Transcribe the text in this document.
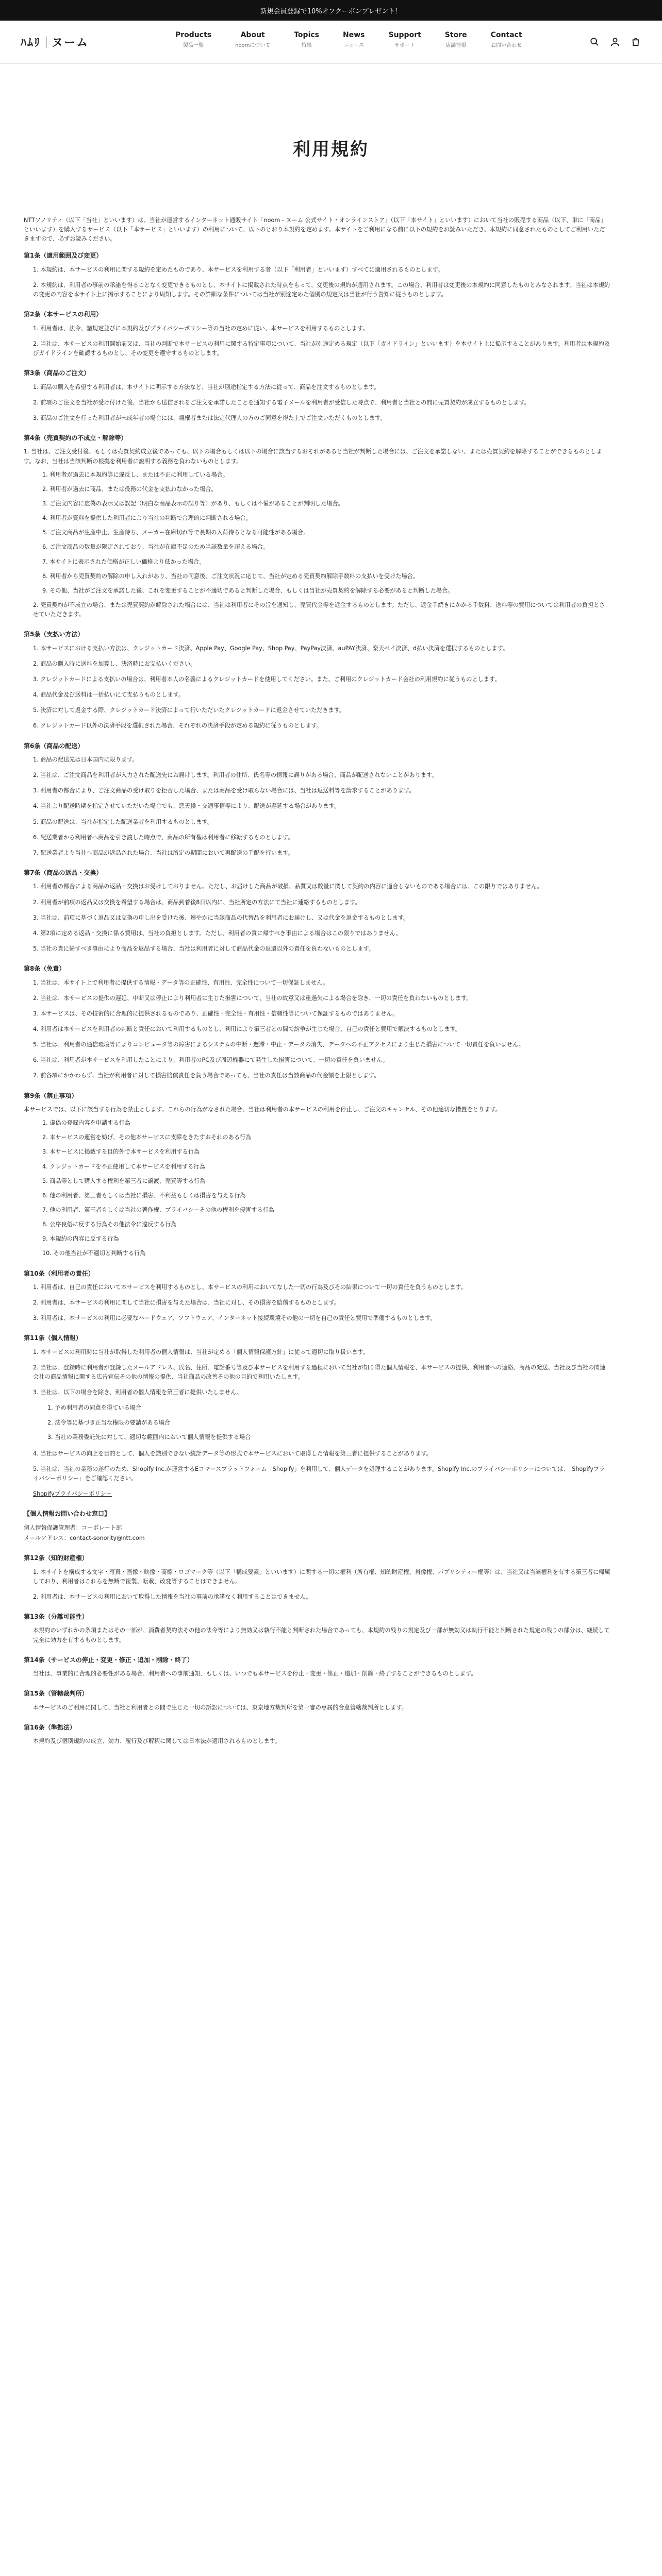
新規会員登録で10%オフクーポンプレゼント！
ﾊﾑﾘ ヌーム
Products
製品一覧
About
noomについて
Topics
特集
News
ニュース
Support
サポート
Store
店舗情報
Contact
お問い合わせ
利用規約

NTTソノリティ（以下「当社」といいます）は、当社が運営するインターネット通販サイト「noom - ヌーム 公式サイト・オンラインストア」（以下「本サイト」といいます）において当社の販売する商品（以下、単に「商品」といいます）を購入するサービス（以下「本サービス」といいます）の利用について、以下のとおり本規約を定めます。本サイトをご利用になる前に以下の規約をお読みいただき、本規約に同意されたものとしてご利用いただきますので、必ずお読みください。

第1条（適用範囲及び変更）

1. 本規約は、本サービスの利用に関する規約を定めたものであり、本サービスを利用する者（以下「利用者」といいます）すべてに適用されるものとします。

2. 本規約は、利用者の事前の承諾を得ることなく変更できるものとし、本サイトに掲載された時点をもって、変更後の規約が適用されます。この場合、利用者は変更後の本規約に同意したものとみなされます。当社は本規約の変更の内容を本サイト上に掲示することにより周知します。その詳細な条件については当社が別途定めた個別の規定又は当社が行う告知に従うものとします。

第2条（本サービスの利用）

1. 利用者は、法令、諸規定並びに本規約及びプライバシーポリシー等の当社の定めに従い、本サービスを利用するものとします。

2. 当社は、本サービスの利用開始前又は、当社の判断で本サービスの利用に関する特定事項について、当社が別途定める規定（以下「ガイドライン」といいます）を本サイト上に掲示することがあります。利用者は本規約及びガイドラインを確認するものとし、その変更を遵守するものとします。

第3条（商品のご注文）

1. 商品の購入を希望する利用者は、本サイトに明示する方法など、当社が別途指定する方法に従って、商品を注文するものとします。

2. 前項のご注文を当社が受け付けた後、当社から送信されるご注文を承諾したことを通知する電子メールを利用者が受信した時点で、利用者と当社との間に売買契約が成立するものとします。

3. 商品のご注文を行った利用者が未成年者の場合には、親権者または法定代理人の方のご同意を得た上でご注文いただくものとします。

第4条（売買契約の不成立・解除等）

1. 当社は、ご注文受付後、もしくは売買契約成立後であっても、以下の場合もしくは以下の場合に該当するおそれがあると当社が判断した場合には、ご注文を承諾しない、または売買契約を解除することができるものとします。なお、当社は当該判断の根拠を利用者に説明する義務を負わないものとします。

1. 利用者が過去に本規約等に違反し、または不正に利用している場合。
2. 利用者が過去に商品、または役務の代金を支払わなかった場合。
3. ご注文内容に虚偽の表示又は誤記（明白な商品表示の誤り等）があり、もしくは不備があることが判明した場合。
4. 利用者が資料を提供した利用者により当社の判断で合理的に判断される場合。
5. ご注文商品が生産中止、生産待ち、メーカー在庫切れ等で長期の入荷待ちとなる可能性がある場合。
6. ご注文商品の数量が限定されており、当社が在庫不足のため当該数量を超える場合。
7. 本サイトに表示された価格が正しい価格より低かった場合。
8. 利用者から売買契約の解除の申し入れがあり、当社の同意後、ご注文状況に応じて、当社が定める売買契約解除手数料の支払いを受けた場合。
9. その他、当社がご注文を承諾した後、これを変更することが不適切であると判断した場合、もしくは当社が売買契約を解除する必要があると判断した場合。

2. 売買契約が不成立の場合、または売買契約が解除された場合には、当社は利用者にその旨を通知し、売買代金等を返金するものとします。ただし、返金手続きにかかる手数料、送料等の費用については利用者の負担とさせていただきます。

第5条（支払い方法）

1. 本サービスにおける支払い方法は、クレジットカード決済、Apple Pay、Google Pay、Shop Pay、PayPay決済、auPAY決済、楽天ペイ決済、d払い決済を選択するものとします。

2. 商品の購入時に送料を加算し、決済時にお支払いください。

3. クレジットカードによる支払いの場合は、利用者本人の名義によるクレジットカードを使用してください。また、ご利用のクレジットカード会社の利用規約に従うものとします。

4. 商品代金及び送料は一括払いにて支払うものとします。

5. 決済に対して返金する際、クレジットカード決済によって行いただいたクレジットカードに返金させていただきます。

6. クレジットカード以外の決済手段を選択された場合、それぞれの決済手段が定める規約に従うものとします。

第6条（商品の配送）

1. 商品の配送先は日本国内に限ります。

2. 当社は、ご注文商品を利用者が入力された配送先にお届けします。利用者の住所、氏名等の情報に誤りがある場合、商品が配送されないことがあります。

3. 利用者の都合により、ご注文商品の受け取りを拒否した場合、または商品を受け取らない場合には、当社は返送料等を請求することがあります。

4. 当社より配送時期を指定させていただいた場合でも、悪天候・交通事情等により、配送が遅延する場合があります。

5. 商品の配送は、当社が指定した配送業者を利用するものとします。

6. 配送業者から利用者へ商品を引き渡した時点で、商品の所有権は利用者に移転するものとします。

7. 配送業者より当社へ商品が返品された場合、当社は所定の期間において再配送の手配を行います。

第7条（商品の返品・交換）

1. 利用者の都合による商品の返品・交換はお受けしておりません。ただし、お届けした商品が破損、品質又は数量に関して契約の内容に適合しないものである場合には、この限りではありません。

2. 利用者が前項の返品又は交換を希望する場合は、商品到着後8日以内に、当社所定の方法にて当社に連絡するものとします。

3. 当社は、前項に基づく返品又は交換の申し出を受けた後、速やかに当該商品の代替品を利用者にお届けし、又は代金を返金するものとします。

4. 第2項に定める返品・交換に係る費用は、当社の負担とします。ただし、利用者の責に帰すべき事由による場合はこの限りではありません。

5. 当社の責に帰すべき事由により商品を返品する場合、当社は利用者に対して商品代金の返還以外の責任を負わないものとします。

第8条（免責）

1. 当社は、本サイト上で利用者に提供する情報・データ等の正確性、有用性、完全性について一切保証しません。

2. 当社は、本サービスの提供の遅延、中断又は停止により利用者に生じた損害について、当社の故意又は重過失による場合を除き、一切の責任を負わないものとします。

3. 本サービスは、その技術的に合理的に提供されるものであり、正確性・完全性・有用性・信頼性等について保証するものではありません。

4. 利用者は本サービスを利用者の判断と責任において利用するものとし、利用により第三者との間で紛争が生じた場合、自己の責任と費用で解決するものとします。

5. 当社は、利用者の通信環境等によりコンピュータ等の障害によるシステムの中断・遅滞・中止・データの消失、データへの不正アクセスにより生じた損害について一切責任を負いません。

6. 当社は、利用者が本サービスを利用したことにより、利用者のPC及び周辺機器にて発生した損害について、一切の責任を負いません。

7. 前各項にかかわらず、当社が利用者に対して損害賠償責任を負う場合であっても、当社の責任は当該商品の代金額を上限とします。

第9条（禁止事項）

本サービスでは、以下に該当する行為を禁止とします。これらの行為がなされた場合、当社は利用者の本サービスの利用を停止し、ご注文のキャンセル、その他適切な措置をとります。

1. 虚偽の登録内容を申請する行為
2. 本サービスの運営を妨げ、その他本サービスに支障をきたすおそれのある行為
3. 本サービスに掲載する目的外で本サービスを利用する行為
4. クレジットカードを不正使用して本サービスを利用する行為
5. 商品等として購入する権利を第三者に譲渡、売買等する行為
6. 他の利用者、第三者もしくは当社に損害、不利益もしくは損害を与える行為
7. 他の利用者、第三者もしくは当社の著作権、プライバシーその他の権利を侵害する行為
8. 公序良俗に反する行為その他法令に違反する行為
9. 本規約の内容に反する行為
10. その他当社が不適切と判断する行為
第10条（利用者の責任）

1. 利用者は、自己の責任において本サービスを利用するものとし、本サービスの利用においてなした一切の行為及びその結果について一切の責任を負うものとします。

2. 利用者は、本サービスの利用に関して当社に損害を与えた場合は、当社に対し、その損害を賠償するものとします。

3. 利用者は、本サービスの利用に必要なハードウェア、ソフトウェア、インターネット接続環境その他の一切を自己の責任と費用で準備するものとします。

第11条（個人情報）

1. 本サービスの利用時に当社が取得した利用者の個人情報は、当社が定める「個人情報保護方針」に従って適切に取り扱います。

2. 当社は、登録時に利用者が登録したメールアドレス、氏名、住所、電話番号等及び本サービスを利用する過程において当社が知り得た個人情報を、本サービスの提供、利用者への連絡、商品の発送、当社及び当社の関連会社の商品情報に関する広告宣伝その他の情報の提供、当社商品の改善その他の目的で利用いたします。

3. 当社は、以下の場合を除き、利用者の個人情報を第三者に提供いたしません。

1. 予め利用者の同意を得ている場合
2. 法令等に基づき正当な権限の要請がある場合
3. 当社の業務委託先に対して、適切な範囲内において個人情報を提供する場合

4. 当社はサービスの向上を目的として、個人を識別できない統計データ等の形式で本サービスにおいて取得した情報を第三者に提供することがあります。

5. 当社は、当社の業務の遂行のため、Shopify Inc.が運営するEコマースプラットフォーム「Shopify」を利用して、個人データを処理することがあります。Shopify Inc.のプライバシーポリシーについては、「Shopifyプライバシーポリシー」をご確認ください。

Shopifyプライバシーポリシー

【個人情報お問い合わせ窓口】
個人情報保護管理者：コーポレート部
メールアドレス：contact-sonority@ntt.com
第12条（知的財産権）

1. 本サイトを構成する文字・写真・画像・映像・商標・ロゴマーク等（以下「構成要素」といいます）に関する一切の権利（所有権、知的財産権、肖像権、パブリシティー権等）は、当社又は当該権利を有する第三者に帰属しており、利用者はこれらを無断で複製、転載、改変等することはできません。

2. 利用者は、本サービスの利用において取得した情報を当社の事前の承諾なく利用することはできません。

第13条（分離可能性）

本規約のいずれかの条項またはその一部が、消費者契約法その他の法令等により無効又は執行不能と判断された場合であっても、本規約の残りの規定及び一部が無効又は執行不能と判断された規定の残りの部分は、継続して完全に効力を有するものとします。

第14条（サービスの停止・変更・修正・追加・削除・終了）

当社は、事業的に合理的必要性がある場合、利用者への事前通知、もしくは、いつでも本サービスを停止・変更・修正・追加・削除・終了することができるものとします。

第15条（管轄裁判所）

本サービスのご利用に関して、当社と利用者との間で生じた一切の訴訟については、東京地方裁判所を第一審の専属的合意管轄裁判所とします。

第16条（準拠法）

本規約及び個別規約の成立、効力、履行及び解釈に関しては日本法が適用されるものとします。
